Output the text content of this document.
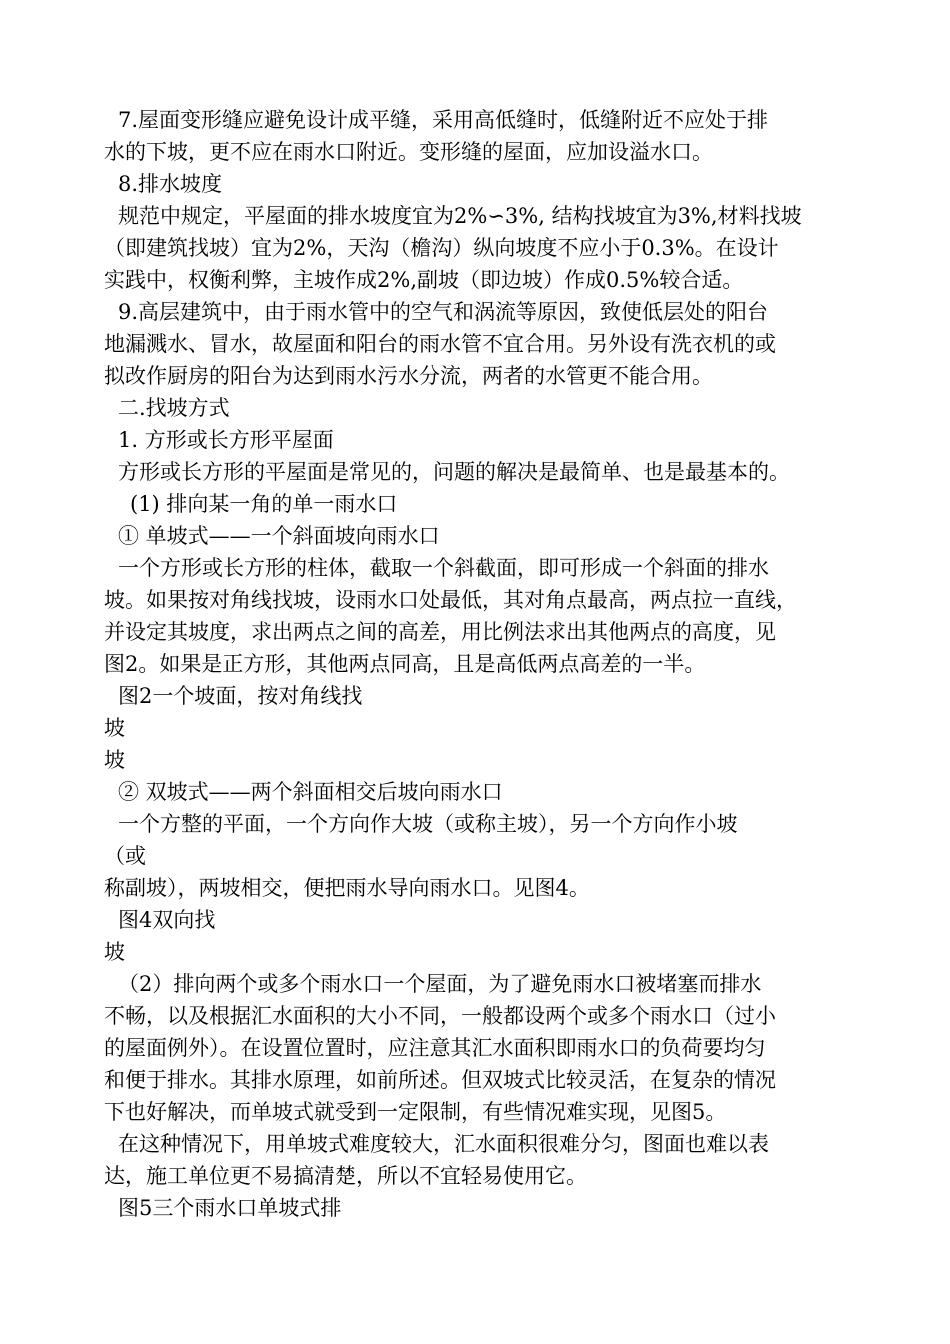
7.屋面变形缝应避免设计成平缝，采用高低缝时，低缝附近不应处于排
水的下坡，更不应在雨水口附近。变形缝的屋面，应加设溢水口。
8.排水坡度
规范中规定，平屋面的排水坡度宜为2%∽3%, 结构找坡宜为3%,材料找坡
（即建筑找坡）宜为2%，天沟（檐沟）纵向坡度不应小于0.3%。在设计
实践中，权衡利弊，主坡作成2%,副坡（即边坡）作成0.5%较合适。
9.高层建筑中，由于雨水管中的空气和涡流等原因，致使低层处的阳台
地漏溅水、冒水，故屋面和阳台的雨水管不宜合用。另外设有洗衣机的或
拟改作厨房的阳台为达到雨水污水分流，两者的水管更不能合用。
二.找坡方式
1. 方形或长方形平屋面
方形或长方形的平屋面是常见的，问题的解决是最简单、也是最基本的。
(1) 排向某一角的单一雨水口
① 单坡式——一个斜面坡向雨水口
一个方形或长方形的柱体，截取一个斜截面，即可形成一个斜面的排水
坡。如果按对角线找坡，设雨水口处最低，其对角点最高，两点拉一直线，
并设定其坡度，求出两点之间的高差，用比例法求出其他两点的高度，见
图2。如果是正方形，其他两点同高，且是高低两点高差的一半。
图2一个坡面，按对角线找
坡
坡
② 双坡式——两个斜面相交后坡向雨水口
一个方整的平面，一个方向作大坡（或称主坡），另一个方向作小坡
（或
称副坡），两坡相交，便把雨水导向雨水口。见图4。
图4双向找
坡
（2）排向两个或多个雨水口一个屋面，为了避免雨水口被堵塞而排水
不畅，以及根据汇水面积的大小不同，一般都设两个或多个雨水口（过小
的屋面例外）。在设置位置时，应注意其汇水面积即雨水口的负荷要均匀
和便于排水。其排水原理，如前所述。但双坡式比较灵活，在复杂的情况
下也好解决，而单坡式就受到一定限制，有些情况难实现，见图5。
在这种情况下，用单坡式难度较大，汇水面积很难分匀，图面也难以表
达，施工单位更不易搞清楚，所以不宜轻易使用它。
图5三个雨水口单坡式排
